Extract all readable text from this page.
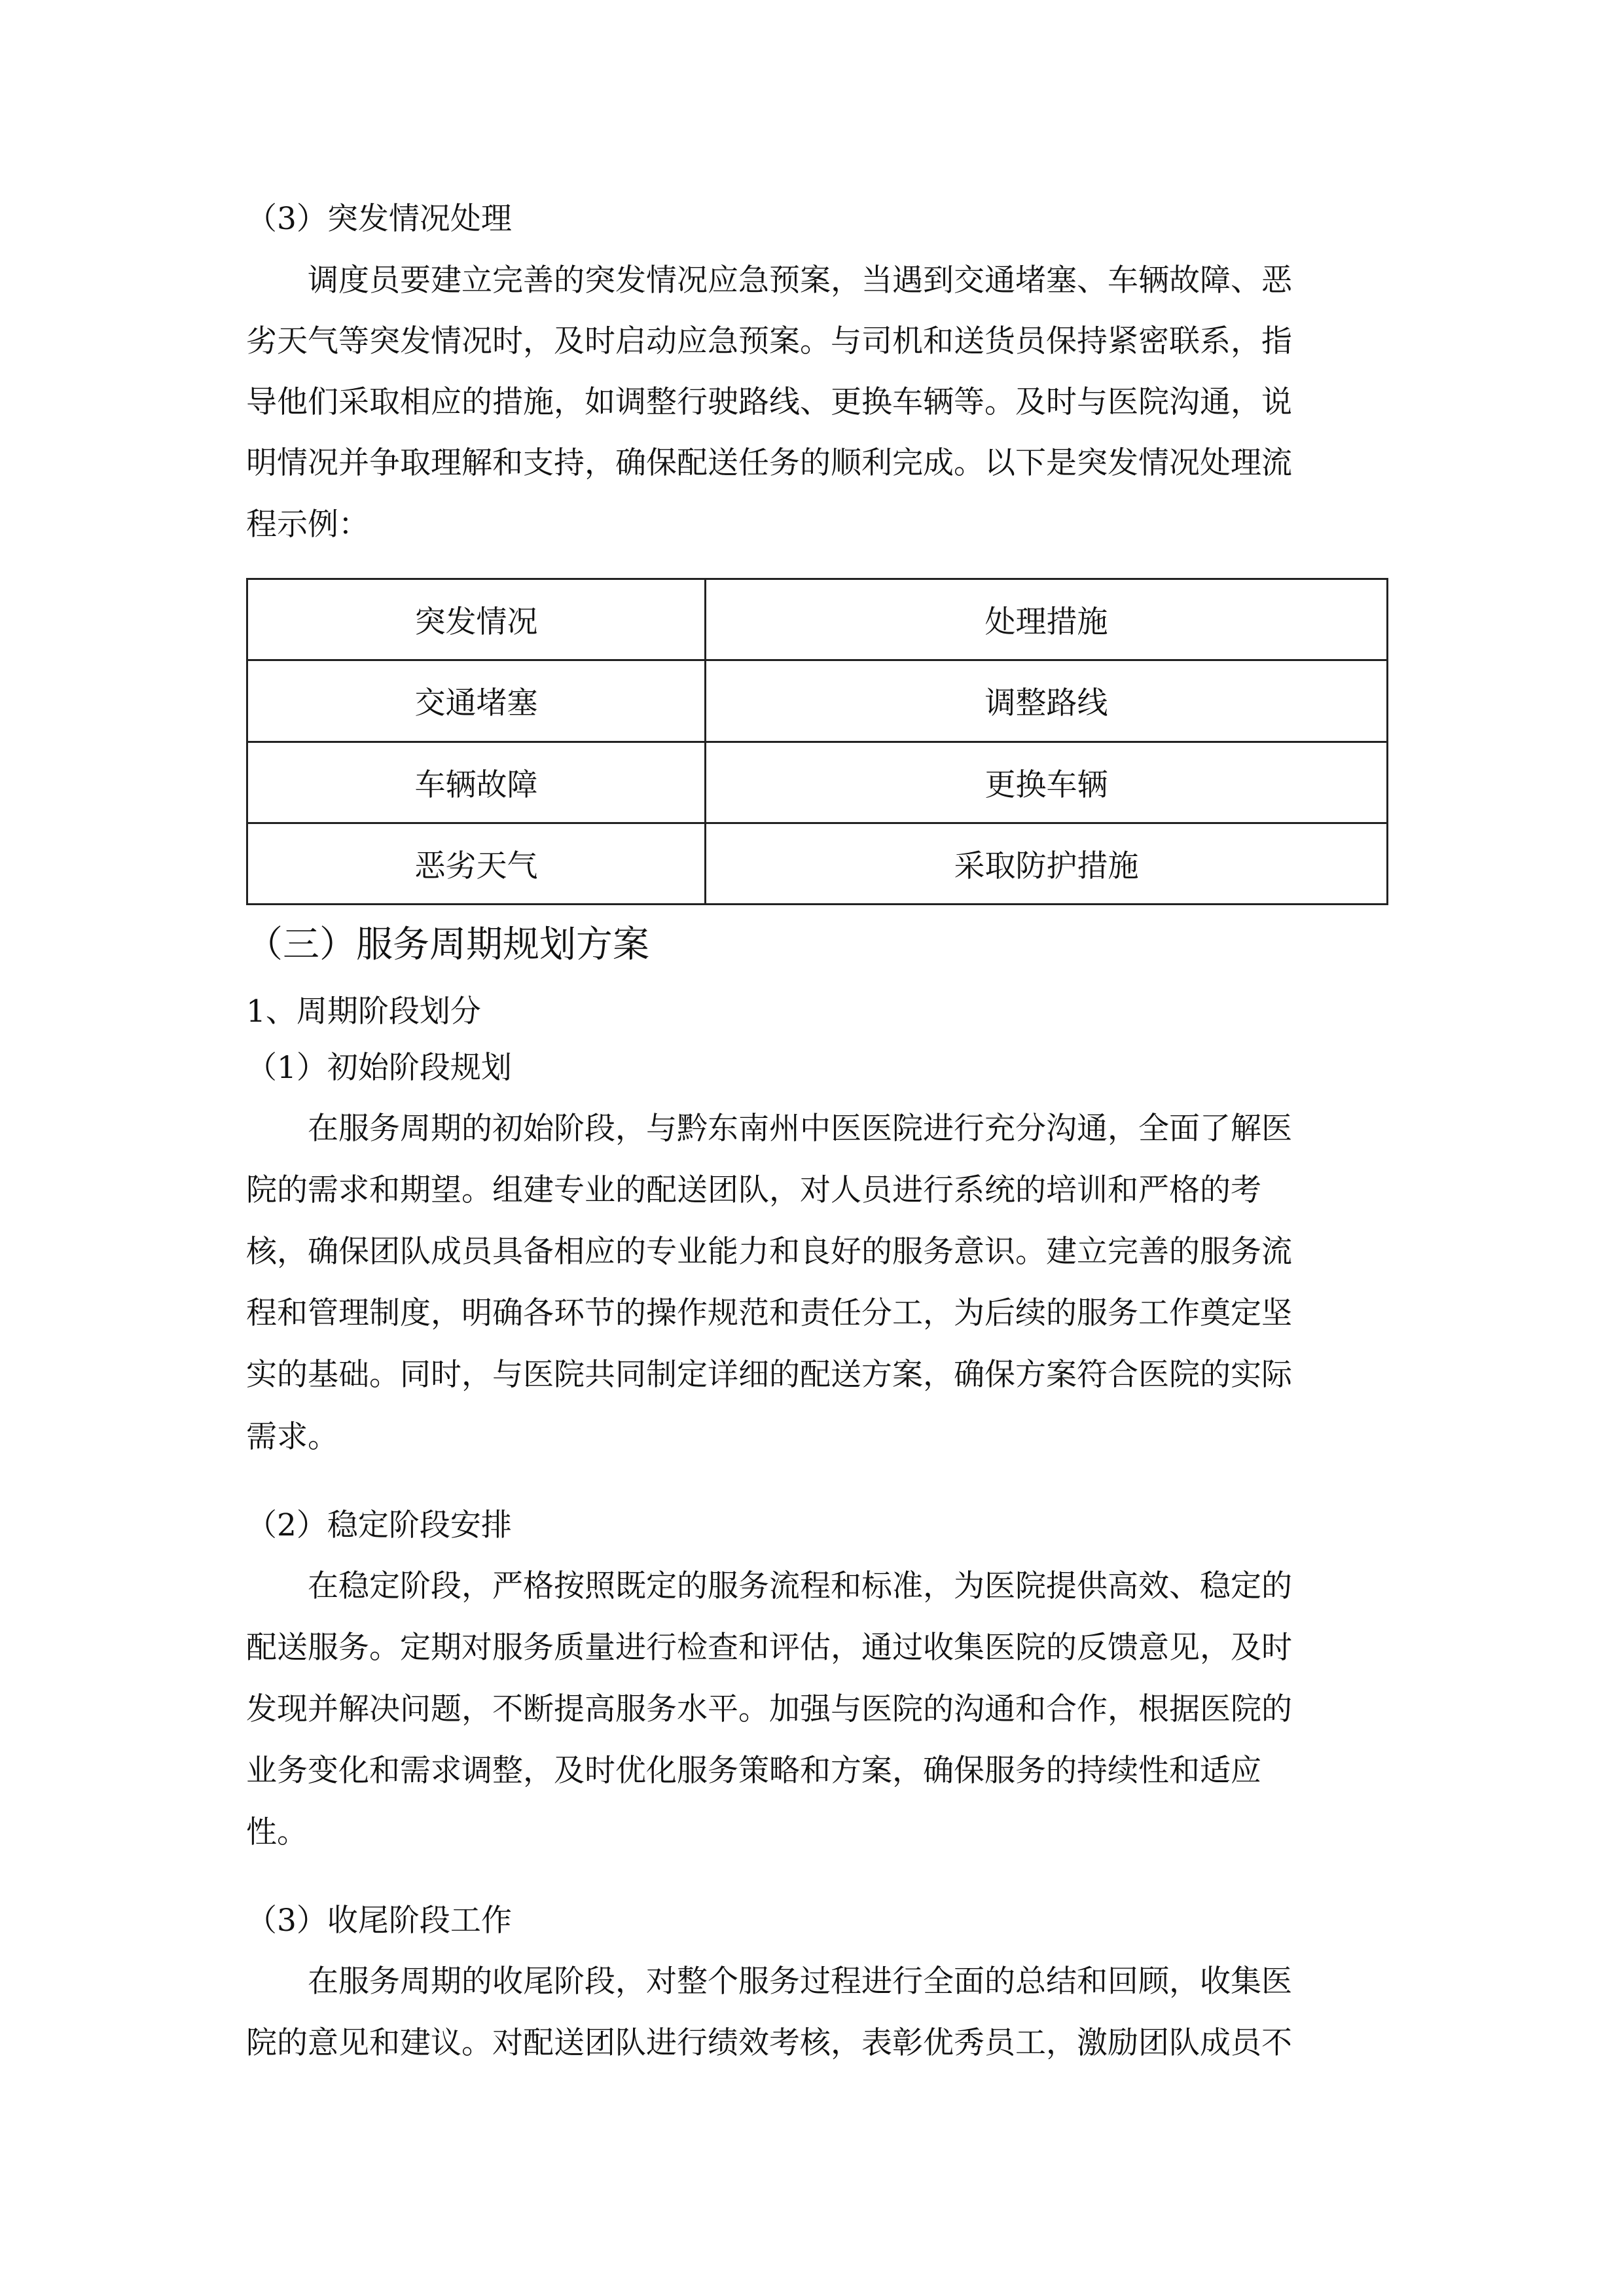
（3）突发情况处理
调度员要建立完善的突发情况应急预案，当遇到交通堵塞、车辆故障、恶
劣天气等突发情况时，及时启动应急预案。与司机和送货员保持紧密联系，指
导他们采取相应的措施，如调整行驶路线、更换车辆等。及时与医院沟通，说
明情况并争取理解和支持，确保配送任务的顺利完成。以下是突发情况处理流
程示例：
突发情况	处理措施
交通堵塞	调整路线
车辆故障	更换车辆
恶劣天气	采取防护措施
（三）服务周期规划方案
1、周期阶段划分
（1）初始阶段规划
在服务周期的初始阶段，与黔东南州中医医院进行充分沟通，全面了解医
院的需求和期望。组建专业的配送团队，对人员进行系统的培训和严格的考
核，确保团队成员具备相应的专业能力和良好的服务意识。建立完善的服务流
程和管理制度，明确各环节的操作规范和责任分工，为后续的服务工作奠定坚
实的基础。同时，与医院共同制定详细的配送方案，确保方案符合医院的实际
需求。
（2）稳定阶段安排
在稳定阶段，严格按照既定的服务流程和标准，为医院提供高效、稳定的
配送服务。定期对服务质量进行检查和评估，通过收集医院的反馈意见，及时
发现并解决问题，不断提高服务水平。加强与医院的沟通和合作，根据医院的
业务变化和需求调整，及时优化服务策略和方案，确保服务的持续性和适应
性。
（3）收尾阶段工作
在服务周期的收尾阶段，对整个服务过程进行全面的总结和回顾，收集医
院的意见和建议。对配送团队进行绩效考核，表彰优秀员工，激励团队成员不
